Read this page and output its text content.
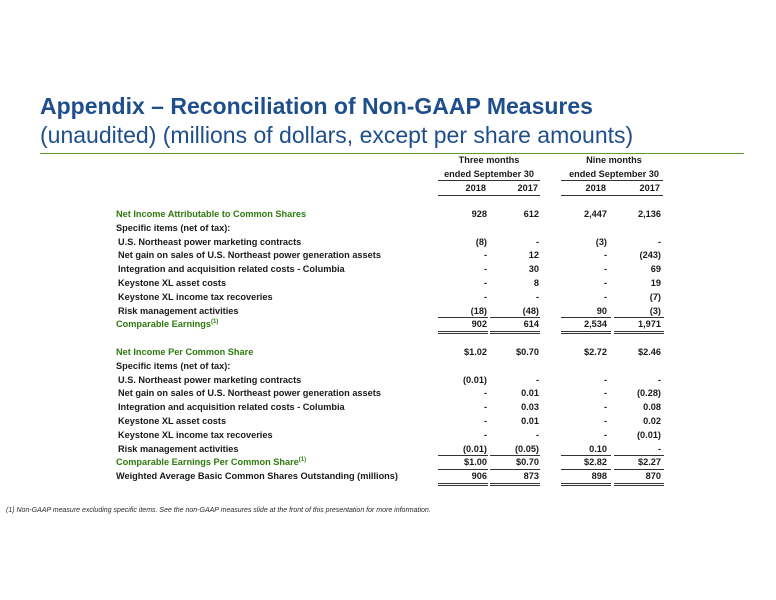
Appendix – Reconciliation of Non-GAAP Measures
(unaudited) (millions of dollars, except per share amounts)
Three months
ended September 30
Nine months
ended September 30
2018	2017	2018	2017
Net Income Attributable to Common Shares	928	612	2,447	2,136
Specific items (net of tax):
U.S. Northeast power marketing contracts	(8)	-	(3)	-
Net gain on sales of U.S. Northeast power generation assets	-	12	-	(243)
Integration and acquisition related costs - Columbia	-	30	-	69
Keystone XL asset costs	-	8	-	19
Keystone XL income tax recoveries	-	-	-	(7)
Risk management activities	(18)	(48)	90	(3)
Comparable Earnings$^{(1)}$	902	614	2,534	1,971
Net Income Per Common Share	$1.02	$0.70	$2.72	$2.46
Specific items (net of tax):
U.S. Northeast power marketing contracts	(0.01)	-	-	-
Net gain on sales of U.S. Northeast power generation assets	-	0.01	-	(0.28)
Integration and acquisition related costs - Columbia	-	0.03	-	0.08
Keystone XL asset costs	-	0.01	-	0.02
Keystone XL income tax recoveries	-	-	-	(0.01)
Risk management activities	(0.01)	(0.05)	0.10	-
Comparable Earnings Per Common Share$^{(1)}$	$1.00	$0.70	$2.82	$2.27
Weighted Average Basic Common Shares Outstanding (millions)	906	873	898	870
(1) Non-GAAP measure excluding specific items. See the non-GAAP measures slide at the front of this presentation for more information.
